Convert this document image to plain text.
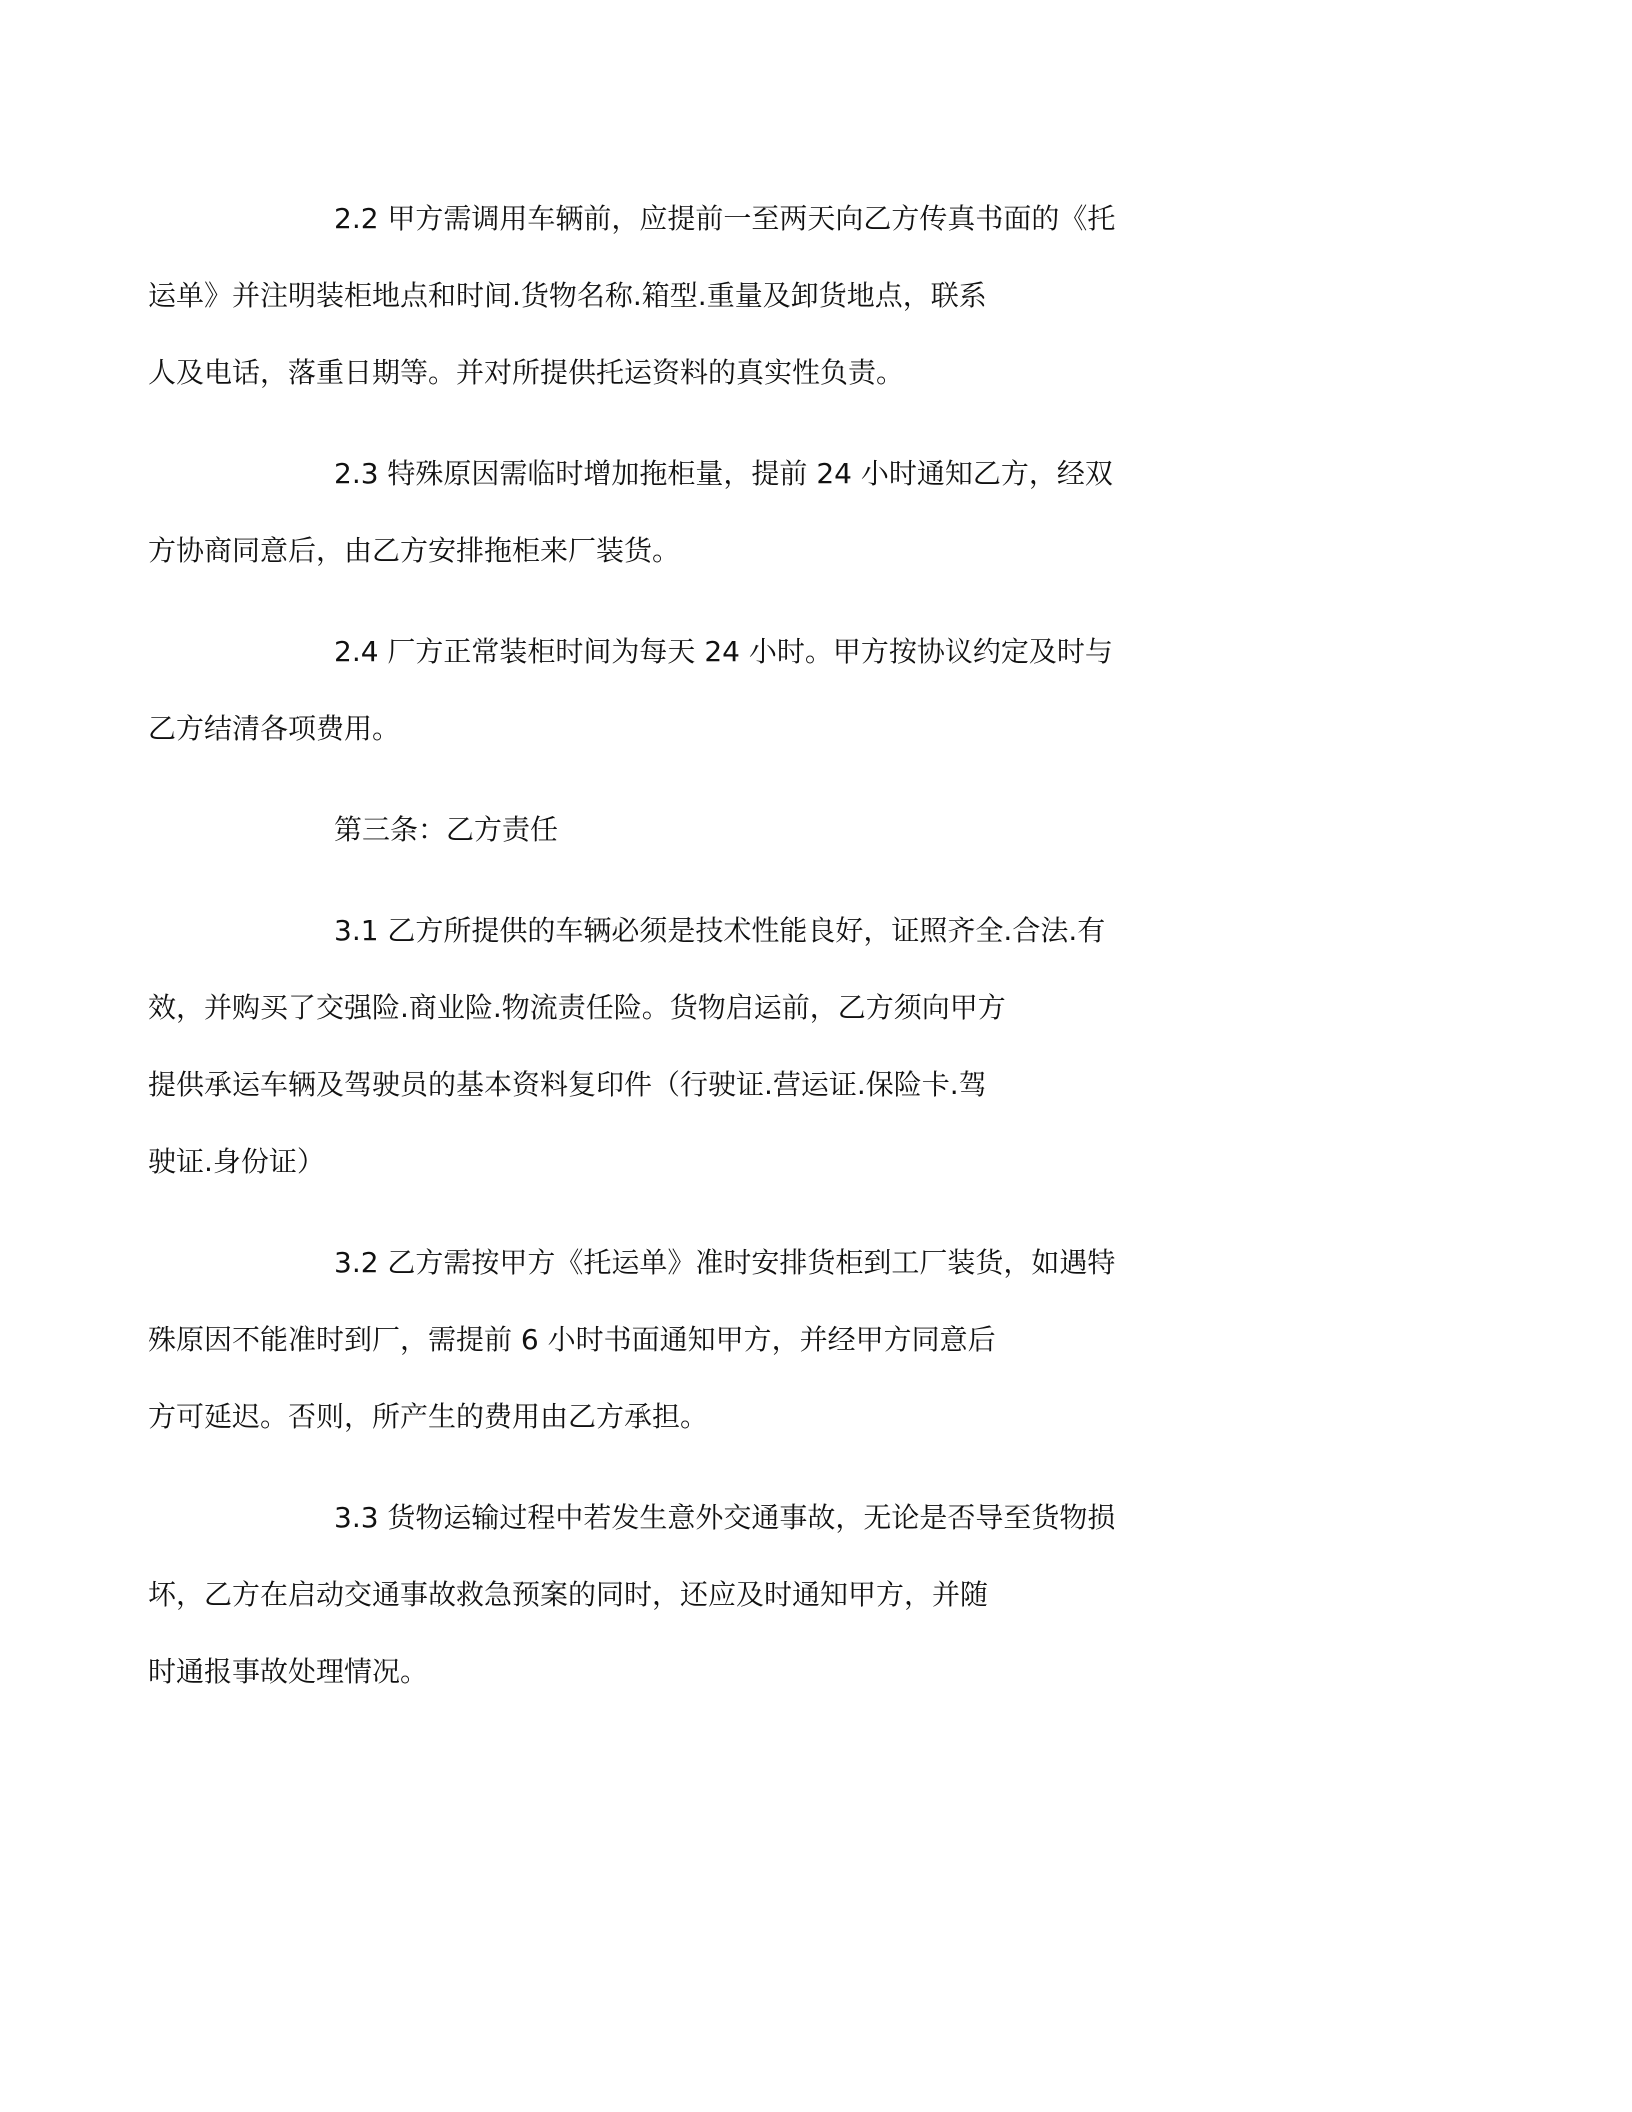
2.2 甲方需调用车辆前，应提前一至两天向乙方传真书面的《托
运单》并注明装柜地点和时间.货物名称.箱型.重量及卸货地点，联系
人及电话，落重日期等。并对所提供托运资料的真实性负责。
2.3 特殊原因需临时增加拖柜量，提前 24 小时通知乙方，经双
方协商同意后，由乙方安排拖柜来厂装货。
2.4 厂方正常装柜时间为每天 24 小时。甲方按协议约定及时与
乙方结清各项费用。
第三条：乙方责任
3.1 乙方所提供的车辆必须是技术性能良好，证照齐全.合法.有
效，并购买了交强险.商业险.物流责任险。货物启运前，乙方须向甲方
提供承运车辆及驾驶员的基本资料复印件（行驶证.营运证.保险卡.驾
驶证.身份证）
3.2 乙方需按甲方《托运单》准时安排货柜到工厂装货，如遇特
殊原因不能准时到厂，需提前 6 小时书面通知甲方，并经甲方同意后
方可延迟。否则，所产生的费用由乙方承担。
3.3 货物运输过程中若发生意外交通事故，无论是否导至货物损
坏，乙方在启动交通事故救急预案的同时，还应及时通知甲方，并随
时通报事故处理情况。
